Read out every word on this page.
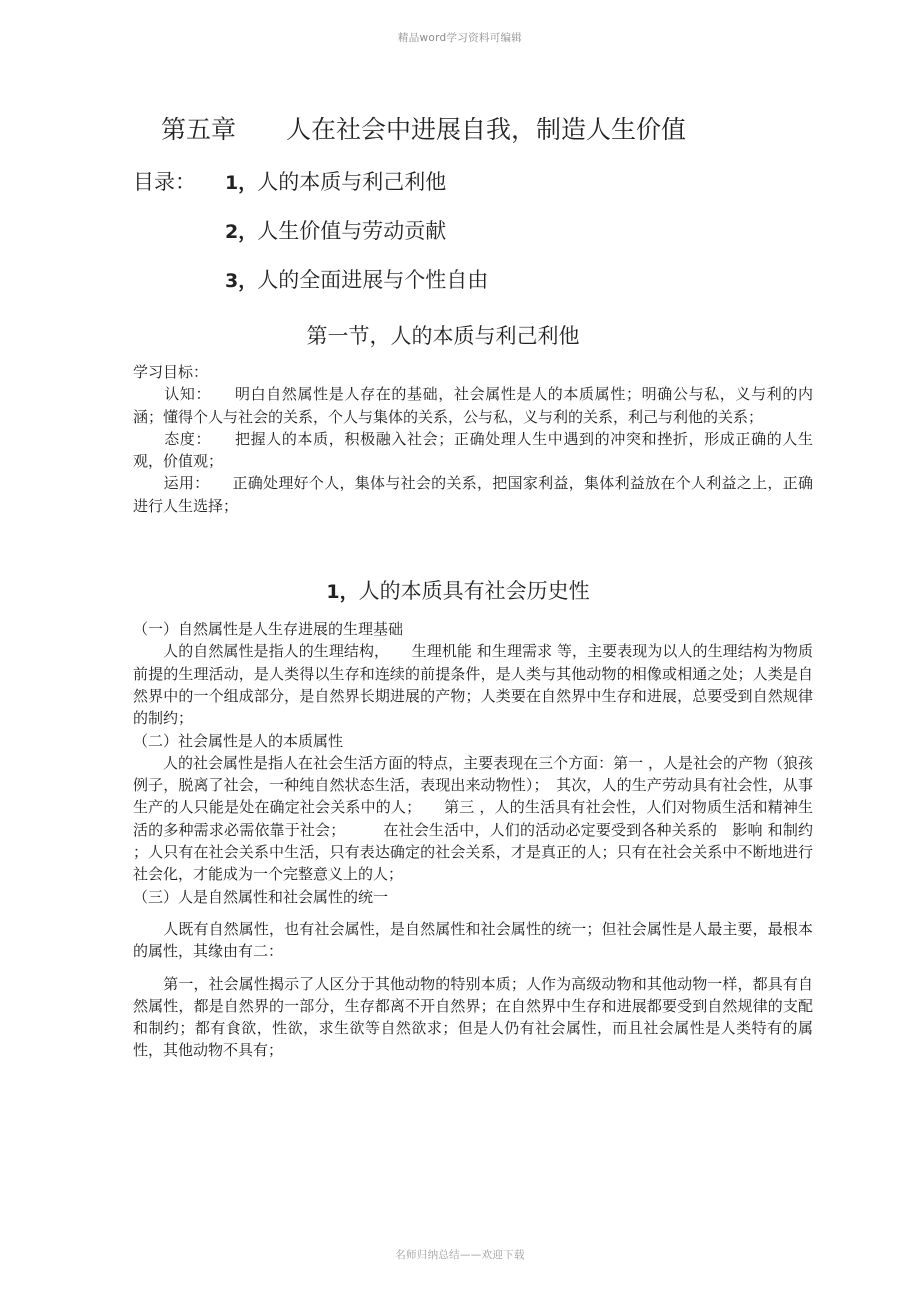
精品word学习资料可编辑
第五章　　人在社会中进展自我，制造人生价值
目录： 1，人的本质与利己利他
2，人生价值与劳动贡献
3，人的全面进展与个性自由
第一节，人的本质与利己利他

学习目标：

　　认知：　　明白自然属性是人存在的基础，社会属性是人的本质属性；明确公与私，义与利的内涵；懂得个人与社会的关系，个人与集体的关系，公与私，义与利的关系，利己与利他的关系；

　　态度：　　把握人的本质，积极融入社会；正确处理人生中遇到的冲突和挫折，形成正确的人生观，价值观；

　　运用：　　正确处理好个人，集体与社会的关系，把国家利益，集体利益放在个人利益之上，正确进行人生选择；

1，人的本质具有社会历史性

（一）自然属性是人生存进展的生理基础

　　人的自然属性是指人的生理结构，　　生理机能 和生理需求 等，主要表现为以人的生理结构为物质前提的生理活动，是人类得以生存和连续的前提条件，是人类与其他动物的相像或相通之处；人类是自然界中的一个组成部分，是自然界长期进展的产物；人类要在自然界中生存和进展，总要受到自然规律的制约；

（二）社会属性是人的本质属性

　　人的社会属性是指人在社会生活方面的特点，主要表现在三个方面：第一 ，人是社会的产物（狼孩例子，脱离了社会，一种纯自然状态生活，表现出来动物性）；　其次，人的生产劳动具有社会性，从事生产的人只能是处在确定社会关系中的人；　　第三 ，人的生活具有社会性，人们对物质生活和精神生活的多种需求必需依靠于社会；　　　在社会生活中，人们的活动必定要受到各种关系的　影响 和制约 ；人只有在社会关系中生活，只有表达确定的社会关系，才是真正的人；只有在社会关系中不断地进行社会化，才能成为一个完整意义上的人；

（三）人是自然属性和社会属性的统一

　　人既有自然属性，也有社会属性，是自然属性和社会属性的统一；但社会属性是人最主要，最根本的属性，其缘由有二：

　　第一，社会属性揭示了人区分于其他动物的特别本质；人作为高级动物和其他动物一样，都具有自然属性，都是自然界的一部分，生存都离不开自然界；在自然界中生存和进展都要受到自然规律的支配和制约；都有食欲，性欲，求生欲等自然欲求；但是人仍有社会属性，而且社会属性是人类特有的属性，其他动物不具有；

名师归纳总结——欢迎下载
